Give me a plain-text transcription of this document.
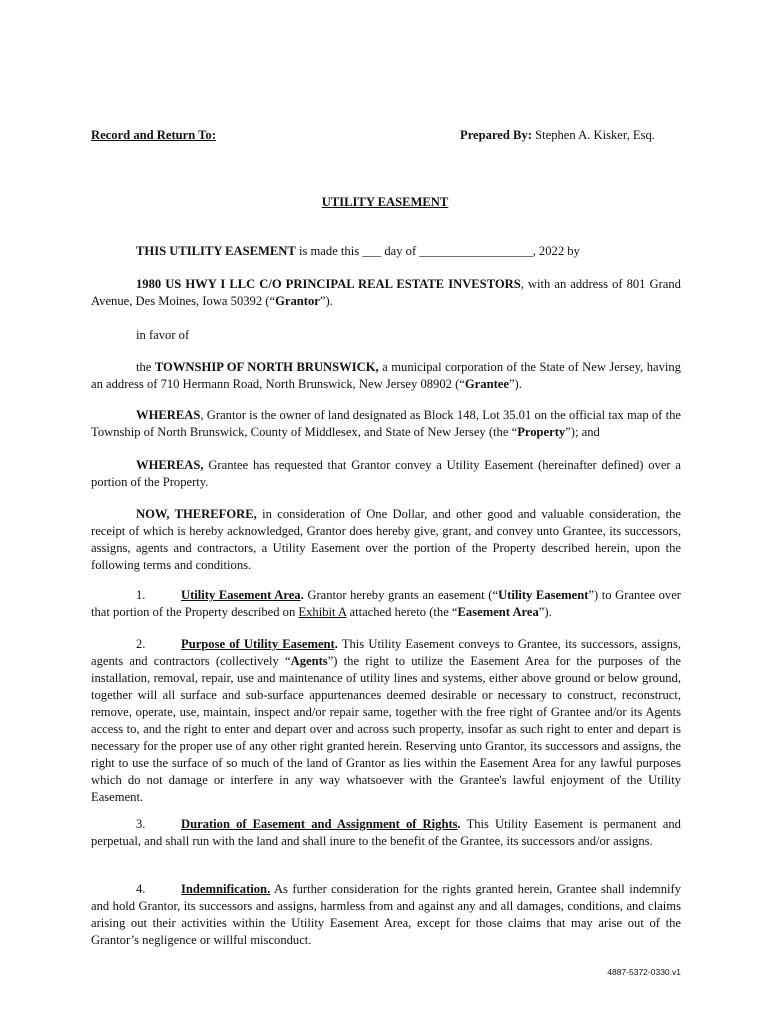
Record and Return To:	Prepared By: Stephen A. Kisker, Esq.
UTILITY EASEMENT
THIS UTILITY EASEMENT is made this ___ day of __________________, 2022 by
1980 US HWY I LLC C/O PRINCIPAL REAL ESTATE INVESTORS, with an address of 801 Grand Avenue, Des Moines, Iowa 50392 (“Grantor”).
in favor of
the TOWNSHIP OF NORTH BRUNSWICK, a municipal corporation of the State of New Jersey, having an address of 710 Hermann Road, North Brunswick, New Jersey 08902 (“Grantee”).
WHEREAS, Grantor is the owner of land designated as Block 148, Lot 35.01 on the official tax map of the Township of North Brunswick, County of Middlesex, and State of New Jersey (the “Property”); and
WHEREAS, Grantee has requested that Grantor convey a Utility Easement (hereinafter defined) over a portion of the Property.
NOW, THEREFORE, in consideration of One Dollar, and other good and valuable consideration, the receipt of which is hereby acknowledged, Grantor does hereby give, grant, and convey unto Grantee, its successors, assigns, agents and contractors, a Utility Easement over the portion of the Property described herein, upon the following terms and conditions.
1.	Utility Easement Area. Grantor hereby grants an easement (“Utility Easement”) to Grantee over that portion of the Property described on Exhibit A attached hereto (the “Easement Area”).
2.	Purpose of Utility Easement. This Utility Easement conveys to Grantee, its successors, assigns, agents and contractors (collectively “Agents”) the right to utilize the Easement Area for the purposes of the installation, removal, repair, use and maintenance of utility lines and systems, either above ground or below ground, together will all surface and sub-surface appurtenances deemed desirable or necessary to construct, reconstruct, remove, operate, use, maintain, inspect and/or repair same, together with the free right of Grantee and/or its Agents access to, and the right to enter and depart over and across such property, insofar as such right to enter and depart is necessary for the proper use of any other right granted herein. Reserving unto Grantor, its successors and assigns, the right to use the surface of so much of the land of Grantor as lies within the Easement Area for any lawful purposes which do not damage or interfere in any way whatsoever with the Grantee's lawful enjoyment of the Utility Easement.
3.	Duration of Easement and Assignment of Rights. This Utility Easement is permanent and perpetual, and shall run with the land and shall inure to the benefit of the Grantee, its successors and/or assigns.
4.	Indemnification. As further consideration for the rights granted herein, Grantee shall indemnify and hold Grantor, its successors and assigns, harmless from and against any and all damages, conditions, and claims arising out their activities within the Utility Easement Area, except for those claims that may arise out of the Grantor’s negligence or willful misconduct.
4887-5372-0330.v1
